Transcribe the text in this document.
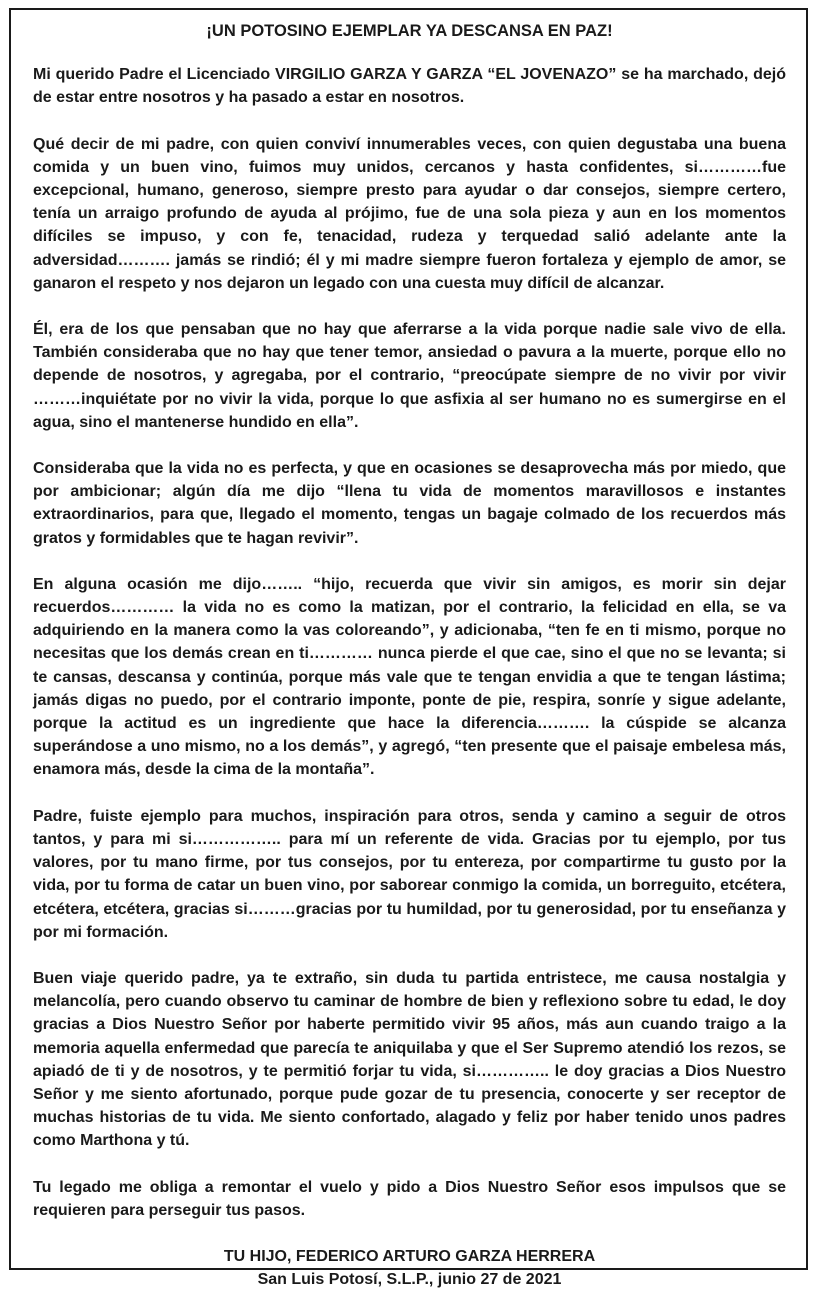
¡UN POTOSINO EJEMPLAR YA DESCANSA EN PAZ!
Mi querido Padre el Licenciado VIRGILIO GARZA Y GARZA “EL JOVENAZO” se ha marchado, dejó de estar entre nosotros y ha pasado a estar en nosotros.
Qué decir de mi padre, con quien conviví innumerables veces, con quien degustaba una buena comida y un buen vino, fuimos muy unidos, cercanos y hasta confidentes, si…………fue excepcional, humano, generoso, siempre presto para ayudar o dar consejos, siempre certero, tenía un arraigo profundo de ayuda al prójimo, fue de una sola pieza y aun en los momentos difíciles se impuso, y con fe, tenacidad, rudeza y terquedad salió adelante ante la adversidad………. jamás se rindió; él y mi madre siempre fueron fortaleza y ejemplo de amor, se ganaron el respeto y nos dejaron un legado con una cuesta muy difícil de alcanzar.
Él, era de los que pensaban que no hay que aferrarse a la vida porque nadie sale vivo de ella. También consideraba que no hay que tener temor, ansiedad o pavura a la muerte, porque ello no depende de nosotros, y agregaba, por el contrario, “preocúpate siempre de no vivir por vivir ………inquiétate por no vivir la vida, porque lo que asfixia al ser humano no es sumergirse en el agua, sino el mantenerse hundido en ella”.
Consideraba que la vida no es perfecta, y que en ocasiones se desaprovecha más por miedo, que por ambicionar; algún día me dijo “llena tu vida de momentos maravillosos e instantes extraordinarios, para que, llegado el momento, tengas un bagaje colmado de los recuerdos más gratos y formidables que te hagan revivir”.
En alguna ocasión me dijo…….. “hijo, recuerda que vivir sin amigos, es morir sin dejar recuerdos………… la vida no es como la matizan, por el contrario, la felicidad en ella, se va adquiriendo en la manera como la vas coloreando”, y adicionaba, “ten fe en ti mismo, porque no necesitas que los demás crean en ti………… nunca pierde el que cae, sino el que no se levanta; si te cansas, descansa y continúa, porque más vale que te tengan envidia a que te tengan lástima; jamás digas no puedo, por el contrario imponte, ponte de pie, respira, sonríe y sigue adelante, porque la actitud es un ingrediente que hace la diferencia………. la cúspide se alcanza superándose a uno mismo, no a los demás”, y agregó, “ten presente que el paisaje embelesa más, enamora más, desde la cima de la montaña”.
Padre, fuiste ejemplo para muchos, inspiración para otros, senda y camino a seguir de otros tantos, y para mi si…………….. para mí un referente de vida. Gracias por tu ejemplo, por tus valores, por tu mano firme, por tus consejos, por tu entereza, por compartirme tu gusto por la vida, por tu forma de catar un buen vino, por saborear conmigo la comida, un borreguito, etcétera, etcétera, etcétera, gracias si………gracias por tu humildad, por tu generosidad, por tu enseñanza y por mi formación.
Buen viaje querido padre, ya te extraño, sin duda tu partida entristece, me causa nostalgia y melancolía, pero cuando observo tu caminar de hombre de bien y reflexiono sobre tu edad, le doy gracias a Dios Nuestro Señor por haberte permitido vivir 95 años, más aun cuando traigo a la memoria aquella enfermedad que parecía te aniquilaba y que el Ser Supremo atendió los rezos, se apiadó de ti y de nosotros, y te permitió forjar tu vida, si………….. le doy gracias a Dios Nuestro Señor y me siento afortunado, porque pude gozar de tu presencia, conocerte y ser receptor de muchas historias de tu vida. Me siento confortado, alagado y feliz por haber tenido unos padres como Marthona y tú.
Tu legado me obliga a remontar el vuelo y pido a Dios Nuestro Señor esos impulsos que se requieren para perseguir tus pasos.
TU HIJO, FEDERICO ARTURO GARZA HERRERA
San Luis Potosí, S.L.P., junio 27 de 2021
